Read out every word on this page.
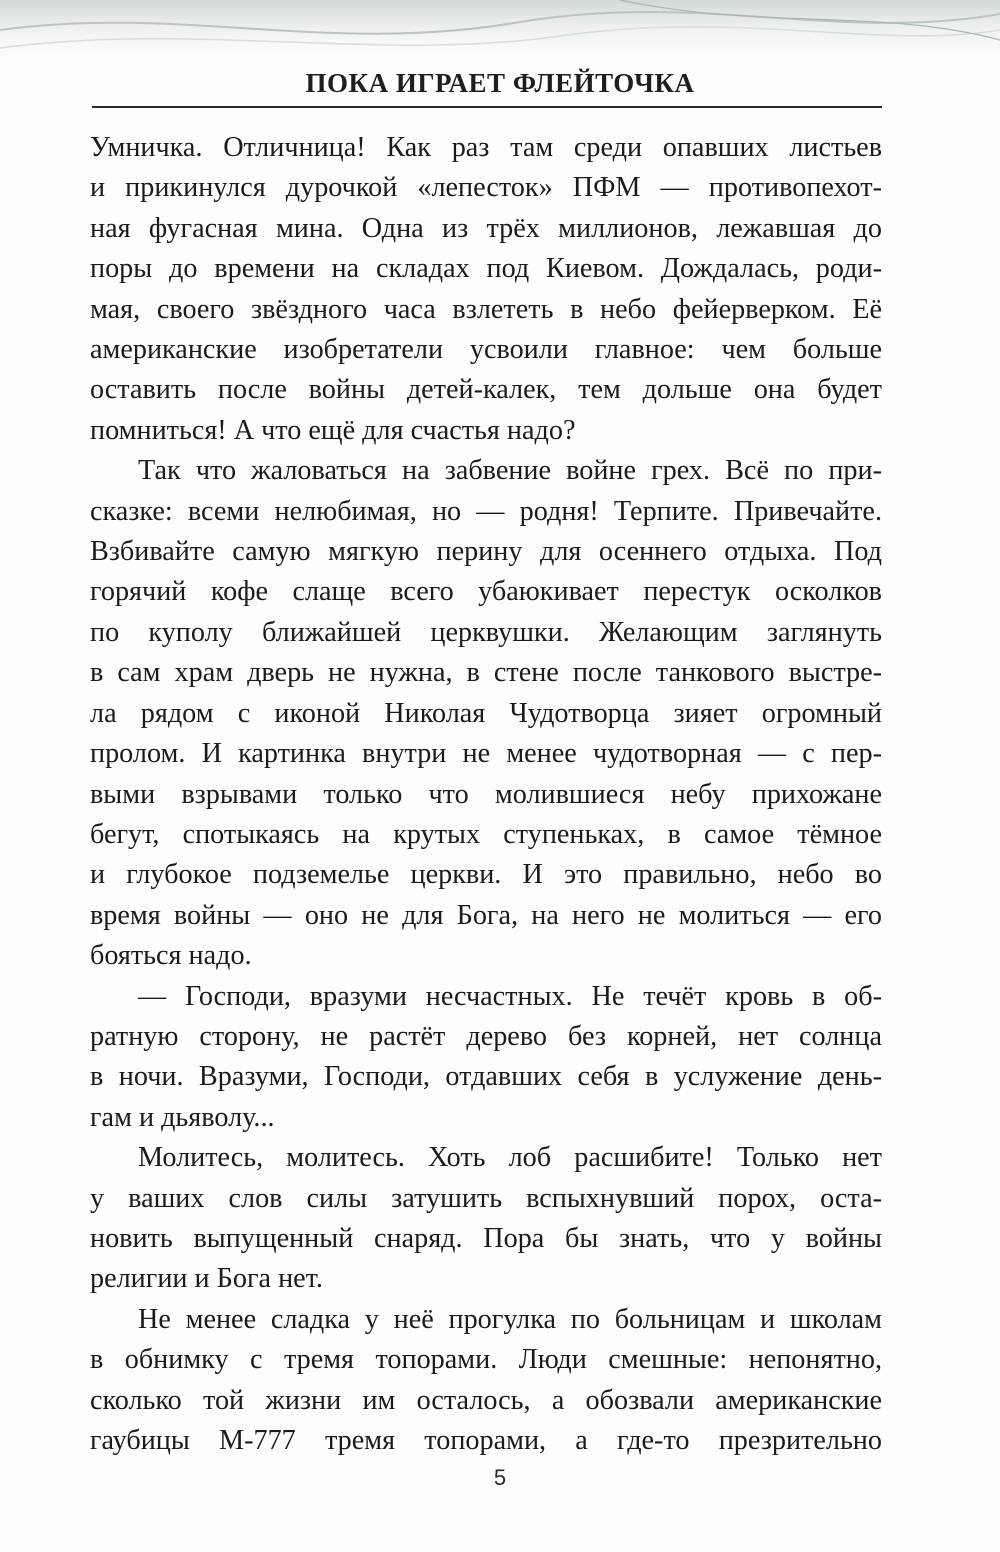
ПОКА ИГРАЕТ ФЛЕЙТОЧКА
Умничка. Отличница! Как раз там среди опавших листьев
и прикинулся дурочкой «лепесток» ПФМ — противопехот-
ная фугасная мина. Одна из трёх миллионов, лежавшая до
поры до времени на складах под Киевом. Дождалась, роди-
мая, своего звёздного часа взлететь в небо фейерверком. Её
американские изобретатели усвоили главное: чем больше
оставить после войны детей-калек, тем дольше она будет
помниться! А что ещё для счастья надо?
Так что жаловаться на забвение войне грех. Всё по при-
сказке: всеми нелюбимая, но — родня! Терпите. Привечайте.
Взбивайте самую мягкую перину для осеннего отдыха. Под
горячий кофе слаще всего убаюкивает перестук осколков
по куполу ближайшей церквушки. Желающим заглянуть
в сам храм дверь не нужна, в стене после танкового выстре-
ла рядом с иконой Николая Чудотворца зияет огромный
пролом. И картинка внутри не менее чудотворная — с пер-
выми взрывами только что молившиеся небу прихожане
бегут, спотыкаясь на крутых ступеньках, в самое тёмное
и глубокое подземелье церкви. И это правильно, небо во
время войны — оно не для Бога, на него не молиться — его
бояться надо.
— Господи, вразуми несчастных. Не течёт кровь в об-
ратную сторону, не растёт дерево без корней, нет солнца
в ночи. Вразуми, Господи, отдавших себя в услужение день-
гам и дьяволу...
Молитесь, молитесь. Хоть лоб расшибите! Только нет
у ваших слов силы затушить вспыхнувший порох, оста-
новить выпущенный снаряд. Пора бы знать, что у войны
религии и Бога нет.
Не менее сладка у неё прогулка по больницам и школам
в обнимку с тремя топорами. Люди смешные: непонятно,
сколько той жизни им осталось, а обозвали американские
гаубицы М-777 тремя топорами, а где-то презрительно
5
